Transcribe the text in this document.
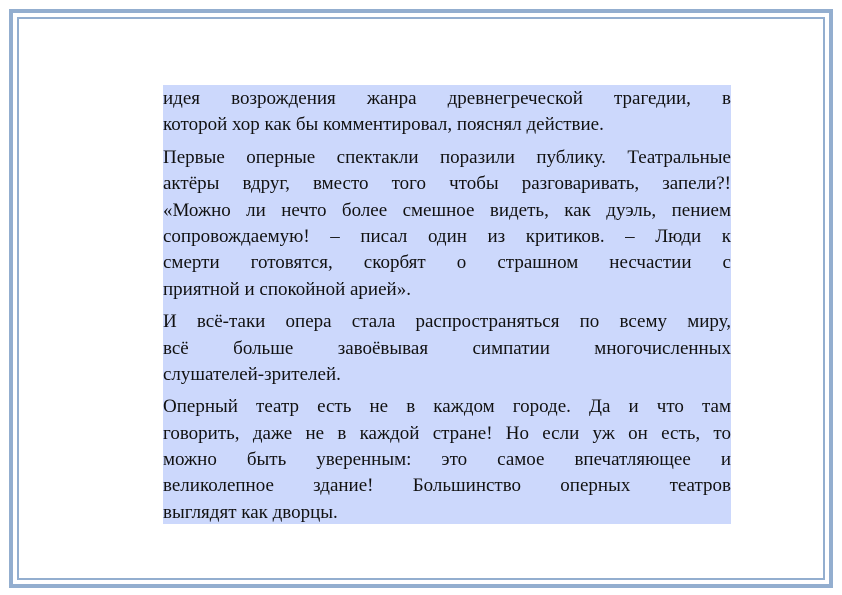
идея возрождения жанра древнегреческой трагедии, в
которой хор как бы комментировал, пояснял действие.
Первые оперные спектакли поразили публику. Театральные
актёры вдруг, вместо того чтобы разговаривать, запели?!
«Можно ли нечто более смешное видеть, как дуэль, пением
сопровождаемую! – писал один из критиков. – Люди к
смерти готовятся, скорбят о страшном несчастии с
приятной и спокойной арией».
И всё-таки опера стала распространяться по всему миру,
всё больше завоёвывая симпатии многочисленных
слушателей-зрителей.
Оперный театр есть не в каждом городе. Да и что там
говорить, даже не в каждой стране! Но если уж он есть, то
можно быть уверенным: это самое впечатляющее и
великолепное здание! Большинство оперных театров
выглядят как дворцы.
